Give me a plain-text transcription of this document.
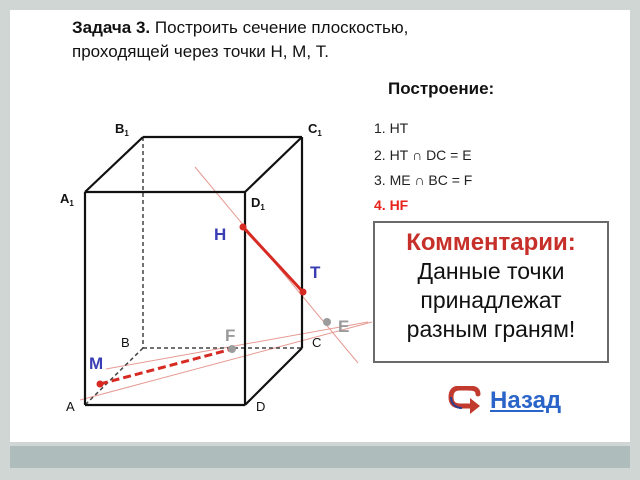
Задача 3. Построить сечение плоскостью,
проходящей через точки Н, М, Т.
Построение:
1. НТ
2. НТ ∩ DC = E
3. МЕ ∩ BC = F
4. HF
$B_1$	$C_1$
$A_1$	$D_1$
B	C
A	D
H
T
M
F	E
Комментарии:
Данные точки
принадлежат
разным граням!
Назад
